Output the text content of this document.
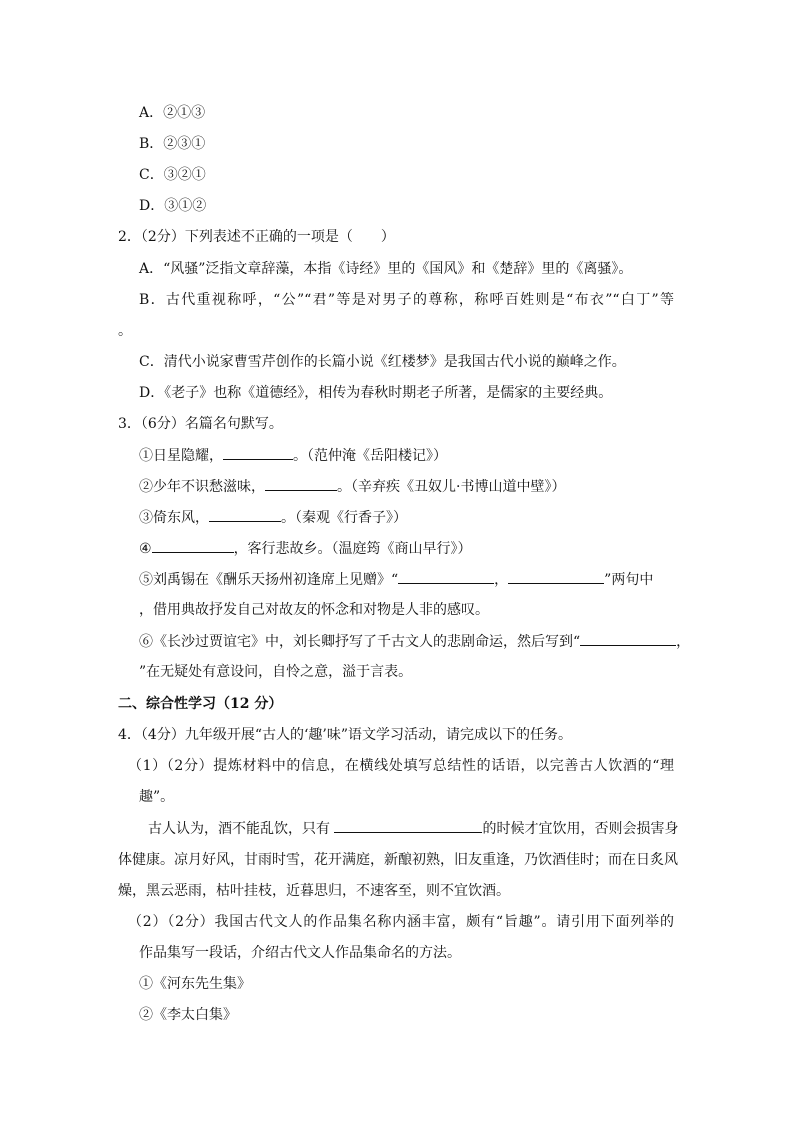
A．②①③
B．②③①
C．③②①
D．③①②
2．（2分）下列表述不正确的一项是（　　）
A．“风骚”泛指文章辞藻，本指《诗经》里的《国风》和《楚辞》里的《离骚》。
B．古代重视称呼，“公”“君”等是对男子的尊称，称呼百姓则是“布衣”“白丁”等
。
C．清代小说家曹雪芹创作的长篇小说《红楼梦》是我国古代小说的巅峰之作。
D．《老子》也称《道德经》，相传为春秋时期老子所著，是儒家的主要经典。
3．（6分）名篇名句默写。
①日星隐耀，	。（范仲淹《岳阳楼记》）
②少年不识愁滋味，	。（辛弃疾《丑奴儿·书博山道中壁》）
③倚东风，	。（秦观《行香子》）
④	，客行悲故乡。（温庭筠《商山早行》）
⑤刘禹锡在《酬乐天扬州初逢席上见赠》“	，	”两句中
，借用典故抒发自己对故友的怀念和对物是人非的感叹。
⑥《长沙过贾谊宅》中，刘长卿抒写了千古文人的悲剧命运，然后写到“	，
”在无疑处有意设问，自怜之意，溢于言表。
二、综合性学习（12 分）
4．（4分）九年级开展“古人的‘趣’味”语文学习活动，请完成以下的任务。
（1）（2分）提炼材料中的信息，在横线处填写总结性的话语，以完善古人饮酒的“理
趣”。
古人认为，酒不能乱饮，只有	的时候才宜饮用，否则会损害身
体健康。凉月好风，甘雨时雪，花开满庭，新酿初熟，旧友重逢，乃饮酒佳时；而在日炙风
燥，黑云恶雨，枯叶挂枝，近暮思归，不速客至，则不宜饮酒。
（2）（2分）我国古代文人的作品集名称内涵丰富，颇有“旨趣”。请引用下面列举的
作品集写一段话，介绍古代文人作品集命名的方法。
①《河东先生集》
②《李太白集》
